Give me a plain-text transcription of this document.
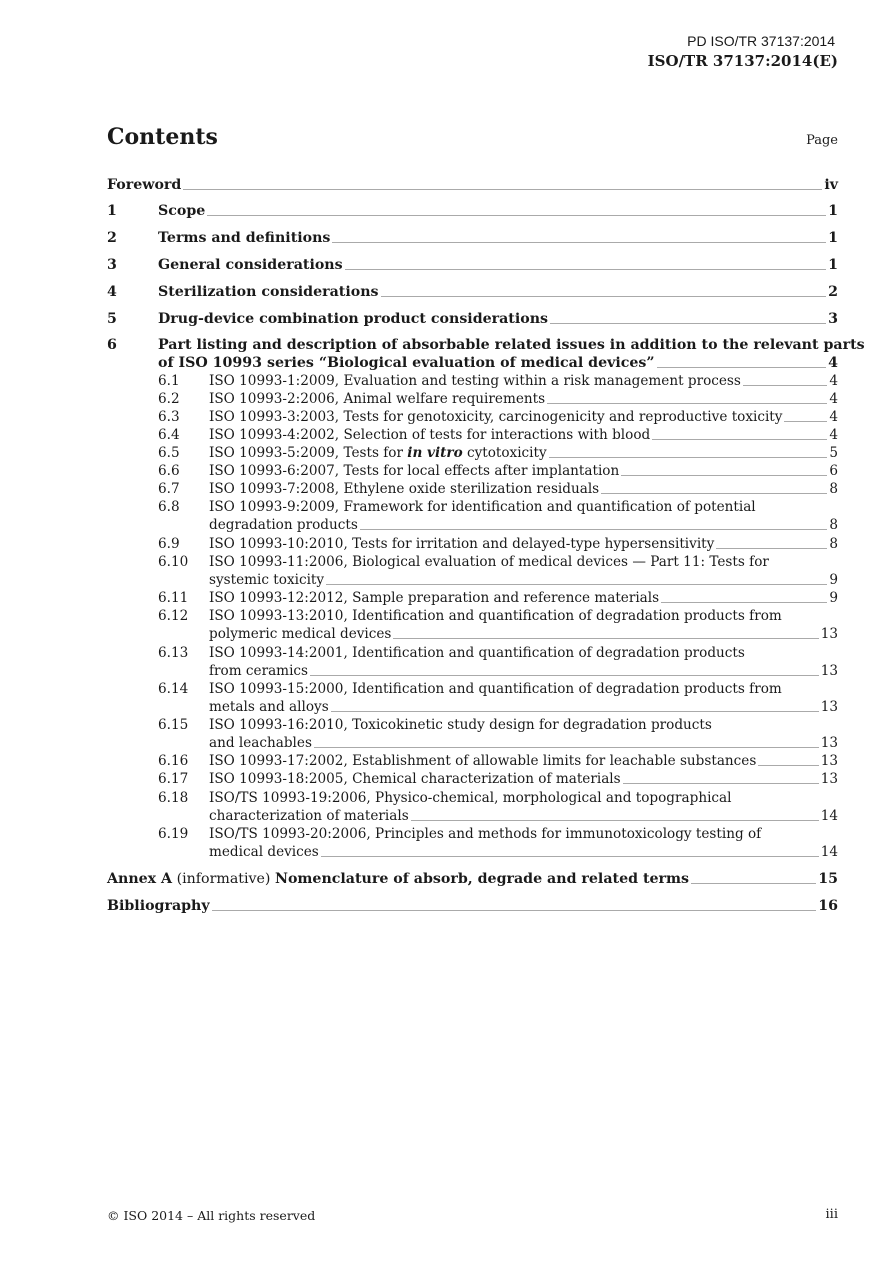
PD ISO/TR 37137:2014
ISO/TR 37137:2014(E)
Contents	Page
Foreword	iv
1	Scope	1
2	Terms and definitions	1
3	General considerations	1
4	Sterilization considerations	2
5	Drug-device combination product considerations	3
6	Part listing and description of absorbable related issues in addition to the relevant parts
of ISO 10993 series “Biological evaluation of medical devices”	4
6.1	ISO 10993-1:2009, Evaluation and testing within a risk management process	4
6.2	ISO 10993-2:2006, Animal welfare requirements	4
6.3	ISO 10993-3:2003, Tests for genotoxicity, carcinogenicity and reproductive toxicity	4
6.4	ISO 10993-4:2002, Selection of tests for interactions with blood	4
6.5	ISO 10993-5:2009, Tests for in vitro cytotoxicity	5
6.6	ISO 10993-6:2007, Tests for local effects after implantation	6
6.7	ISO 10993-7:2008, Ethylene oxide sterilization residuals	8
6.8	ISO 10993-9:2009, Framework for identification and quantification of potential
degradation products	8
6.9	ISO 10993-10:2010, Tests for irritation and delayed-type hypersensitivity	8
6.10	ISO 10993-11:2006, Biological evaluation of medical devices — Part 11: Tests for
systemic toxicity	9
6.11	ISO 10993-12:2012, Sample preparation and reference materials	9
6.12	ISO 10993-13:2010, Identification and quantification of degradation products from
polymeric medical devices	13
6.13	ISO 10993-14:2001, Identification and quantification of degradation products
from ceramics	13
6.14	ISO 10993-15:2000, Identification and quantification of degradation products from
metals and alloys	13
6.15	ISO 10993-16:2010, Toxicokinetic study design for degradation products
and leachables	13
6.16	ISO 10993-17:2002, Establishment of allowable limits for leachable substances	13
6.17	ISO 10993-18:2005, Chemical characterization of materials	13
6.18	ISO/TS 10993-19:2006, Physico-chemical, morphological and topographical
characterization of materials	14
6.19	ISO/TS 10993-20:2006, Principles and methods for immunotoxicology testing of
medical devices	14
Annex A (informative) Nomenclature of absorb, degrade and related terms	15
Bibliography	16
© ISO 2014 – All rights reserved	iii
